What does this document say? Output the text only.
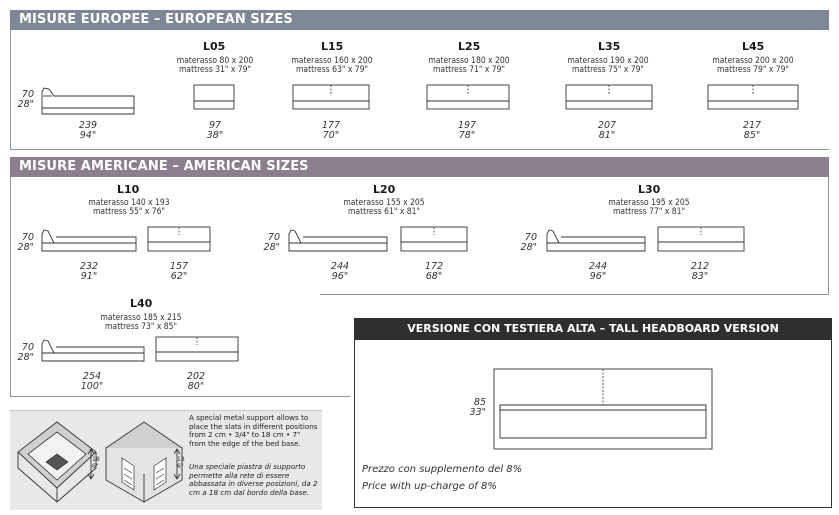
MISURE EUROPEE – EUROPEAN SIZES
70
28"
239
94"
L05
materasso 80 x 200
mattress 31" x 79"
97
38"
L15
materasso 160 x 200
mattress 63" x 79"
177
70"
L25
materasso 180 x 200
mattress 71" x 79"
197
78"
L35
materasso 190 x 200
mattress 75" x 79"
207
81"
L45
materasso 200 x 200
mattress 79" x 79"
217
85"
MISURE AMERICANE – AMERICAN SIZES
L10
materasso 140 x 193
mattress 55" x 76"
70
28"
232
91"
157
62"
L20
materasso 155 x 205
mattress 61" x 81"
70
28"
244
96"
172
68"
L30
materasso 195 x 205
mattress 77" x 81"
70
28"
244
96"
212
83"
L40
materasso 185 x 215
mattress 73" x 85"
70
28"
254
100"
202
80"
VERSIONE CON TESTIERA ALTA – TALL HEADBOARD VERSION
85
33"
Prezzo con supplemento del 8%
Price with up-charge of 8%
18
6"
18
6"
A special metal support allows to place the slats in different positions from 2 cm • 3/4" to 18 cm • 7" from the edge of the bed base.
Una speciale piastra di supporto permette alla rete di essere abbassata in diverse posizioni, da 2 cm a 18 cm dal bordo della base.
